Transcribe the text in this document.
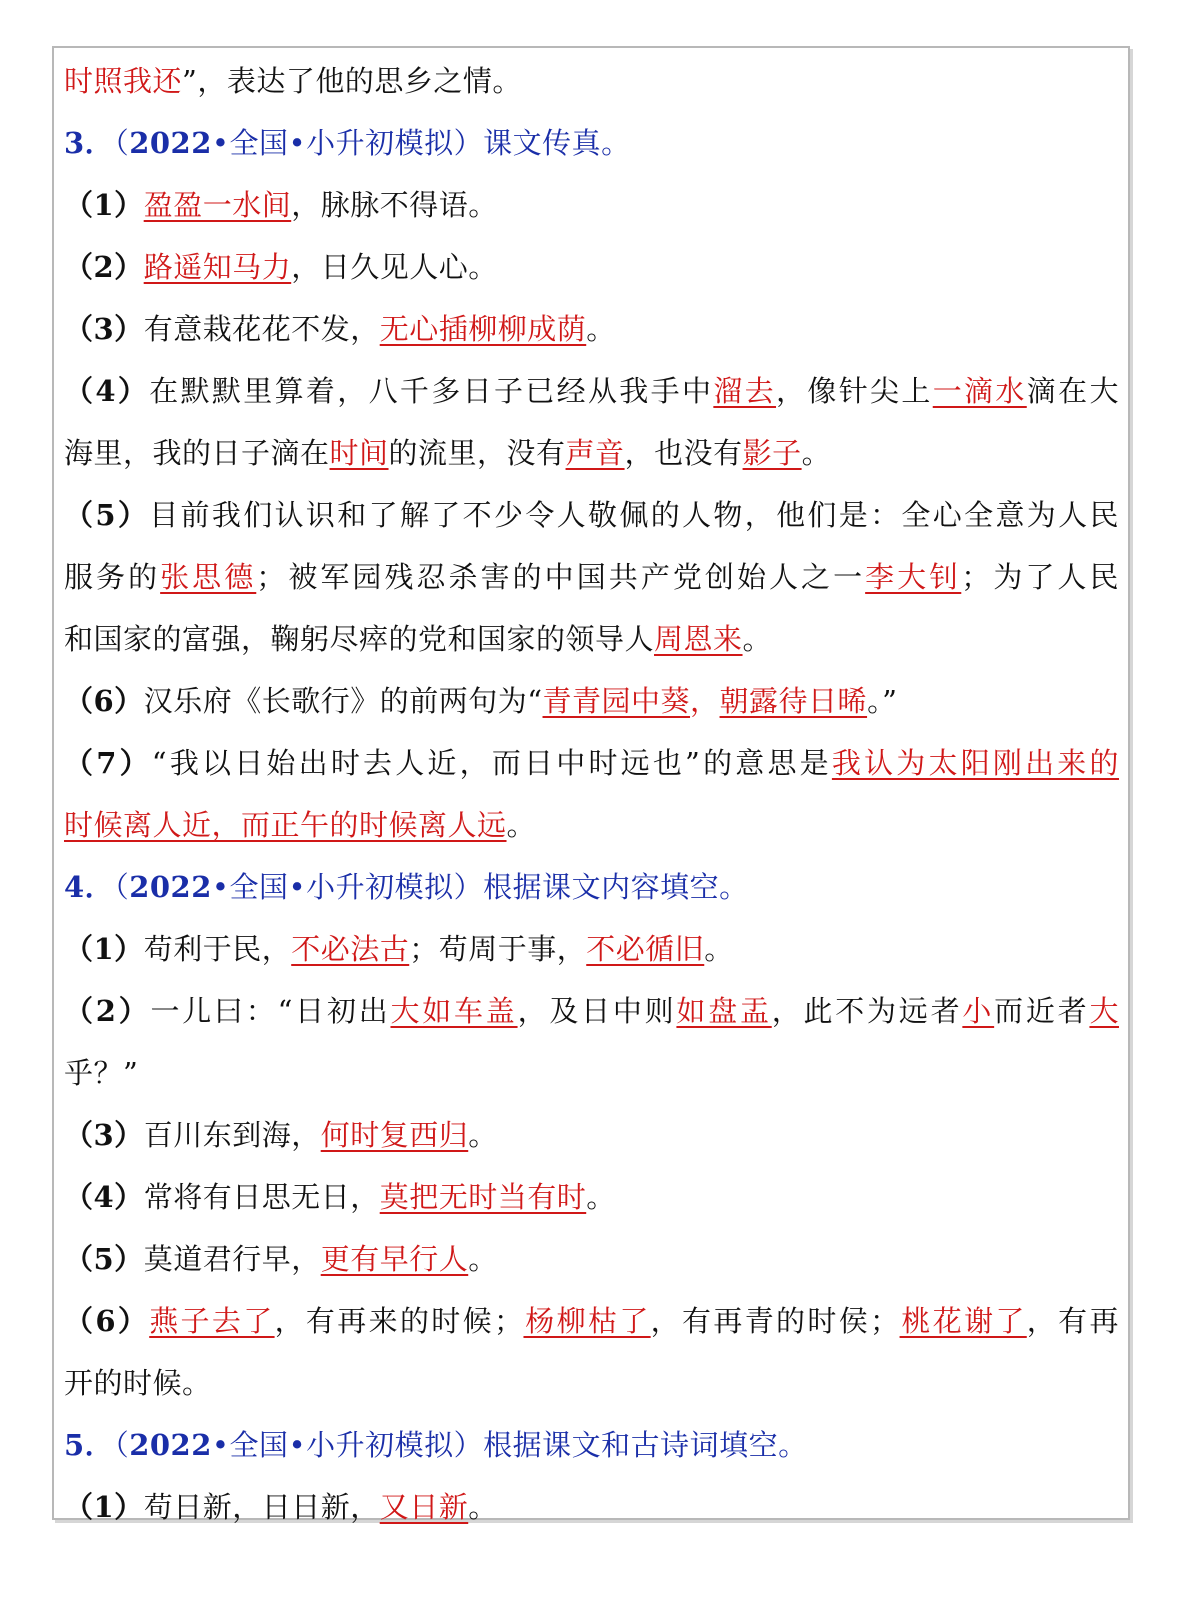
时照我还”，表达了他的思乡之情。
3．（2022•全国•小升初模拟）课文传真。
（1）盈盈一水间，脉脉不得语。
（2）路遥知马力，日久见人心。
（3）有意栽花花不发，无心插柳柳成荫。
（4）在默默里算着，八千多日子已经从我手中溜去，像针尖上一滴水滴在大
海里，我的日子滴在时间的流里，没有声音，也没有影子。
（5）目前我们认识和了解了不少令人敬佩的人物，他们是：全心全意为人民
服务的张思德；被军园残忍杀害的中国共产党创始人之一李大钊；为了人民
和国家的富强，鞠躬尽瘁的党和国家的领导人周恩来。
（6）汉乐府《长歌行》的前两句为“青青园中葵，朝露待日晞。”
（7）“我以日始出时去人近，而日中时远也”的意思是我认为太阳刚出来的
时候离人近，而正午的时候离人远。
4．（2022•全国•小升初模拟）根据课文内容填空。
（1）苟利于民，不必法古；苟周于事，不必循旧。
（2）一儿曰：“日初出大如车盖，及日中则如盘盂，此不为远者小而近者大
乎？”
（3）百川东到海，何时复西归。
（4）常将有日思无日，莫把无时当有时。
（5）莫道君行早，更有早行人。
（6）燕子去了，有再来的时候；杨柳枯了，有再青的时侯；桃花谢了，有再
开的时候。
5．（2022•全国•小升初模拟）根据课文和古诗词填空。
（1）苟日新，日日新，又日新。
